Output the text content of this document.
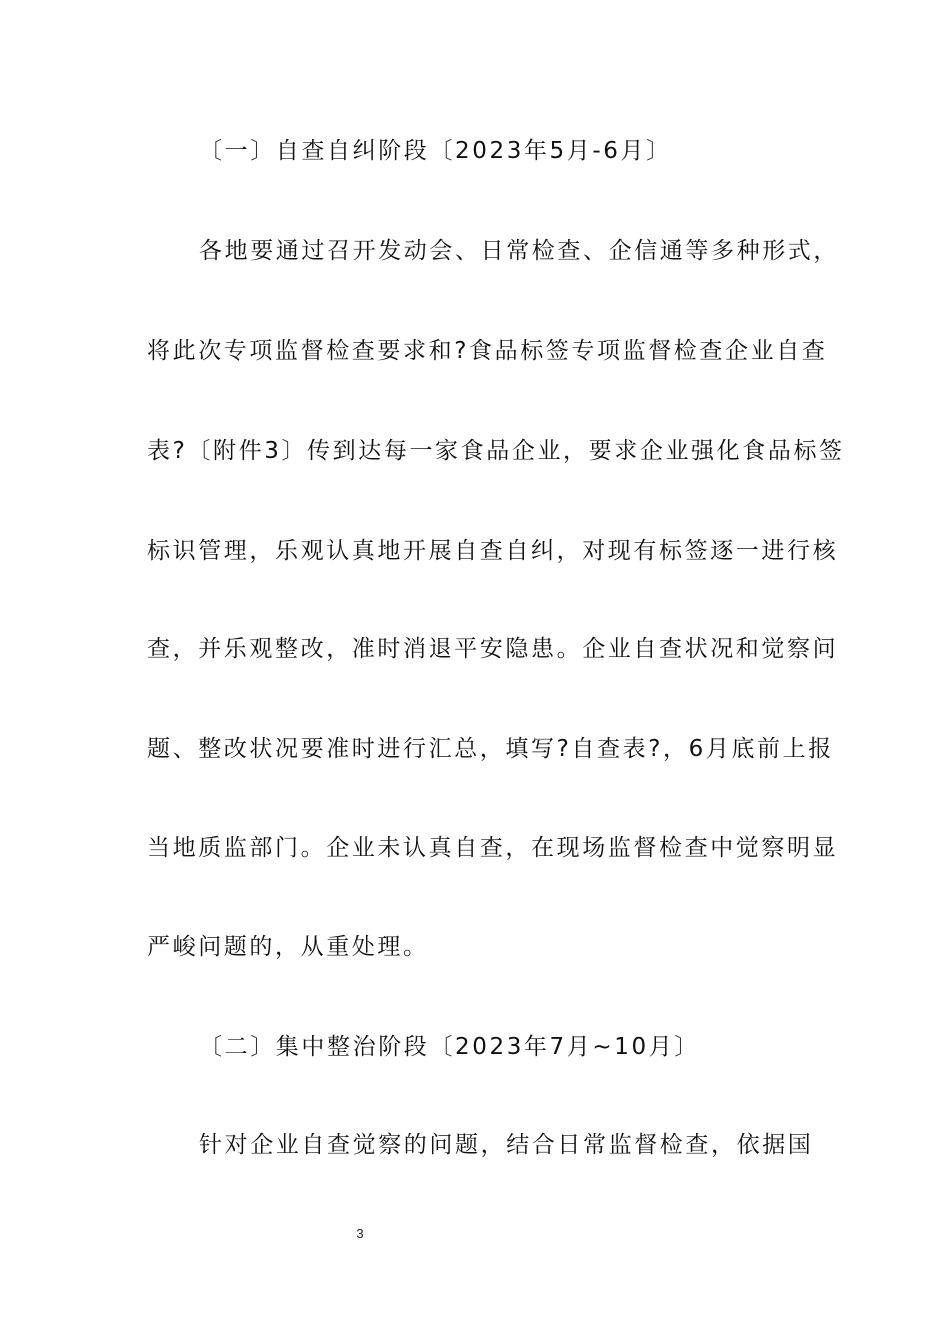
〔一〕自查自纠阶段〔2023年5月-6月〕
各地要通过召开发动会、日常检查、企信通等多种形式，
将此次专项监督检查要求和?食品标签专项监督检查企业自查
表?〔附件3〕传到达每一家食品企业，要求企业强化食品标签
标识管理，乐观认真地开展自查自纠，对现有标签逐一进行核
查，并乐观整改，准时消退平安隐患。企业自查状况和觉察问
题、整改状况要准时进行汇总，填写?自查表?，6月底前上报
当地质监部门。企业未认真自查，在现场监督检查中觉察明显
严峻问题的，从重处理。
〔二〕集中整治阶段〔2023年7月~10月〕
针对企业自查觉察的问题，结合日常监督检查，依据国
3
